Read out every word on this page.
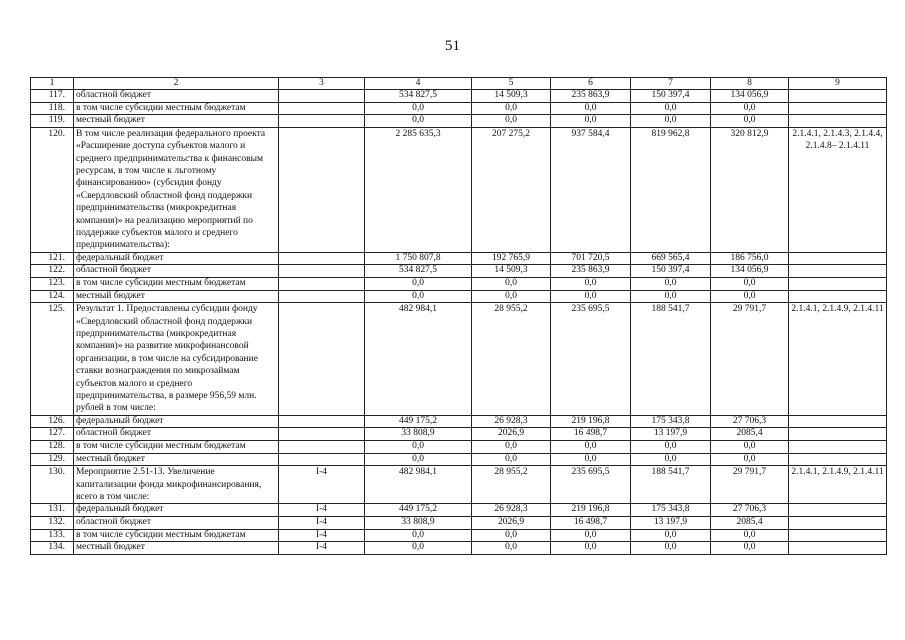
51
1	2	3	4	5	6	7	8	9
117.	областной бюджет		534 827,5	14 509,3	235 863,9	150 397,4	134 056,9	
118.	в том числе субсидии местным бюджетам		0,0	0,0	0,0	0,0	0,0	
119.	местный бюджет		0,0	0,0	0,0	0,0	0,0	
120.	В том числе реализация федерального проекта «Расширение доступа субъектов малого и среднего предпринимательства к финансовым ресурсам, в том числе к льготному финансированию» (субсидия фонду «Свердловский областной фонд поддержки предпринимательства (микрокредитная компания)» на реализацию мероприятий по поддержке субъектов малого и среднего предпринимательства):		2 285 635,3	207 275,2	937 584,4	819 962,8	320 812,9	2.1.4.1, 2.1.4.3, 2.1.4.4, 2.1.4.8– 2.1.4.11
121.	федеральный бюджет		1 750 807,8	192 765,9	701 720,5	669 565,4	186 756,0	
122.	областной бюджет		534 827,5	14 509,3	235 863,9	150 397,4	134 056,9	
123.	в том числе субсидии местным бюджетам		0,0	0,0	0,0	0,0	0,0	
124.	местный бюджет		0,0	0,0	0,0	0,0	0,0	
125.	Результат 1. Предоставлены субсидии фонду «Свердловский областной фонд поддержки предпринимательства (микрокредитная компания)» на развитие микрофинансовой организации, в том числе на субсидирование ставки вознаграждения по микрозаймам субъектов малого и среднего предпринимательства, в размере 956,59 млн. рублей в том числе:		482 984,1	28 955,2	235 695,5	188 541,7	29 791,7	2.1.4.1, 2.1.4.9, 2.1.4.11
126.	федеральный бюджет		449 175,2	26 928,3	219 196,8	175 343,8	27 706,3	
127.	областной бюджет		33 808,9	2026,9	16 498,7	13 197,9	2085,4	
128.	в том числе субсидии местным бюджетам		0,0	0,0	0,0	0,0	0,0	
129.	местный бюджет		0,0	0,0	0,0	0,0	0,0	
130.	Мероприятие 2.51-13. Увеличение капитализации фонда микрофинансирования, всего в том числе:	I-4	482 984,1	28 955,2	235 695,5	188 541,7	29 791,7	2.1.4.1, 2.1.4.9, 2.1.4.11
131.	федеральный бюджет	I-4	449 175,2	26 928,3	219 196,8	175 343,8	27 706,3	
132.	областной бюджет	I-4	33 808,9	2026,9	16 498,7	13 197,9	2085,4	
133.	в том числе субсидии местным бюджетам	I-4	0,0	0,0	0,0	0,0	0,0	
134.	местный бюджет	I-4	0,0	0,0	0,0	0,0	0,0	
